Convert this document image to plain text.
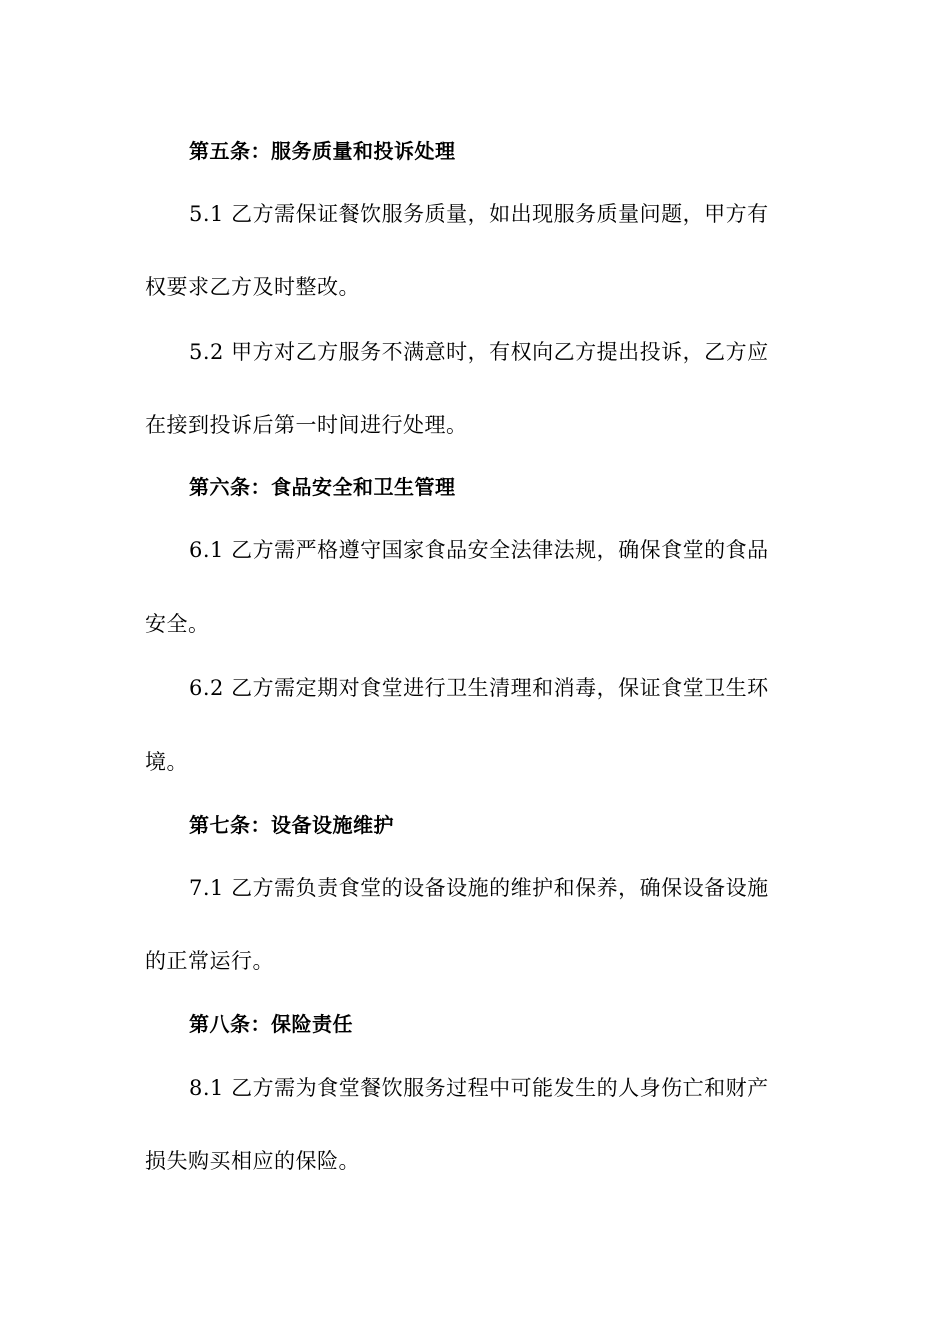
第五条：服务质量和投诉处理
5.1 乙方需保证餐饮服务质量，如出现服务质量问题，甲方有
权要求乙方及时整改。
5.2 甲方对乙方服务不满意时，有权向乙方提出投诉，乙方应
在接到投诉后第一时间进行处理。
第六条：食品安全和卫生管理
6.1 乙方需严格遵守国家食品安全法律法规，确保食堂的食品
安全。
6.2 乙方需定期对食堂进行卫生清理和消毒，保证食堂卫生环
境。
第七条：设备设施维护
7.1 乙方需负责食堂的设备设施的维护和保养，确保设备设施
的正常运行。
第八条：保险责任
8.1 乙方需为食堂餐饮服务过程中可能发生的人身伤亡和财产
损失购买相应的保险。
